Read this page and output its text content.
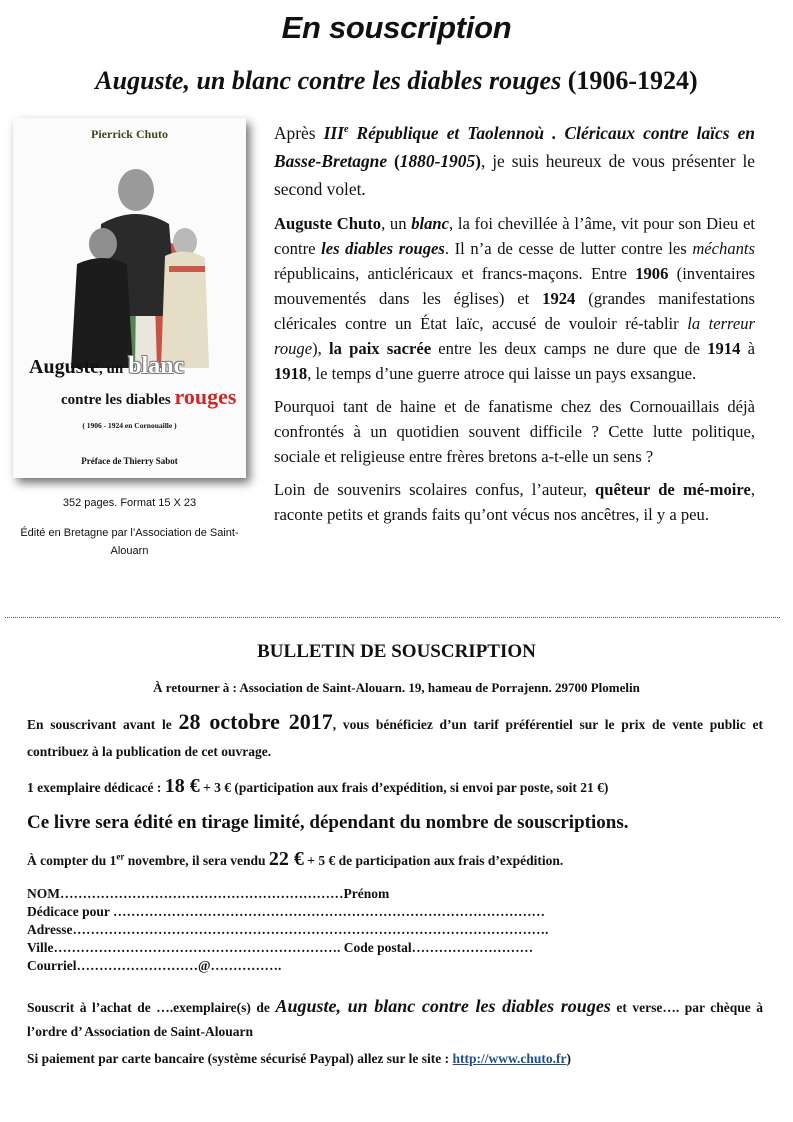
En souscription
Auguste, un blanc contre les diables rouges (1906-1924)
Pierrick Chuto
Auguste, un blanc
contre les diables rouges
( 1906 - 1924 en Cornouaille )
Préface de Thierry Sabot
352 pages. Format 15 X 23
Édité en Bretagne par l’Association de Saint-Alouarn

Après IIIe République et Taolennoù . Cléricaux contre laïcs en Basse-Bretagne (1880-1905), je suis heureux de vous présenter le second volet.

Auguste Chuto, un blanc, la foi chevillée à l’âme, vit pour son Dieu et contre les diables rouges. Il n’a de cesse de lutter contre les méchants républicains, anticléricaux et francs-maçons. Entre 1906 (inventaires mouvementés dans les églises) et 1924 (grandes manifestations cléricales contre un État laïc, accusé de vouloir ré-tablir la terreur rouge), la paix sacrée entre les deux camps ne dure que de 1914 à 1918, le temps d’une guerre atroce qui laisse un pays exsangue.

Pourquoi tant de haine et de fanatisme chez des Cornouaillais déjà confrontés à un quotidien souvent difficile ? Cette lutte politique, sociale et religieuse entre frères bretons a-t-elle un sens ?

Loin de souvenirs scolaires confus, l’auteur, quêteur de mé-moire, raconte petits et grands faits qu’ont vécus nos ancêtres, il y a peu.

BULLETIN DE SOUSCRIPTION
À retourner à : Association de Saint-Alouarn. 19, hameau de Porrajenn. 29700 Plomelin
En souscrivant avant le 28 octobre 2017, vous bénéficiez d’un tarif préférentiel sur le prix de vente public et contribuez à la publication de cet ouvrage.
1 exemplaire dédicacé : 18 € + 3 € (participation aux frais d’expédition, si envoi par poste, soit 21 €)
Ce livre sera édité en tirage limité, dépendant du nombre de souscriptions.
À compter du 1er novembre, il sera vendu 22 € + 5 € de participation aux frais d’expédition.
NOM………………………………………………………Prénom
Dédicace pour ……………………………………………………………………………………
Adresse…………………………………………………………………………………………….
Ville………………………………………………………. Code postal………………………
Courriel………………………@…………….
Souscrit à l’achat de ….exemplaire(s) de Auguste, un blanc contre les diables rouges et verse…. par chèque à l’ordre d’ Association de Saint-Alouarn
Si paiement par carte bancaire (système sécurisé Paypal) allez sur le site : http://www.chuto.fr)
